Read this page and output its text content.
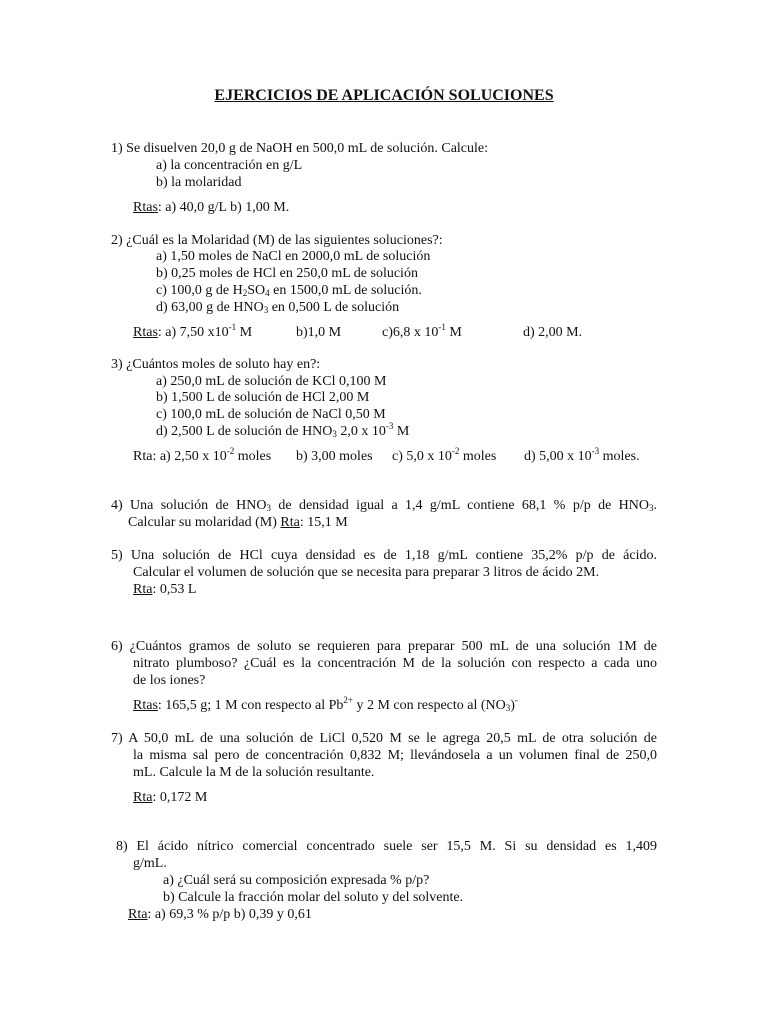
EJERCICIOS DE APLICACIÓN SOLUCIONES
1) Se disuelven 20,0 g de NaOH en 500,0 mL de solución. Calcule:
a) la concentración en g/L
b) la molaridad
Rtas: a) 40,0 g/L b) 1,00 M.
2) ¿Cuál es la Molaridad (M) de las siguientes soluciones?:
a) 1,50 moles de NaCl en 2000,0 mL de solución
b) 0,25 moles de HCl en 250,0 mL de solución
c) 100,0 g de $H_2SO_4$ en 1500,0 mL de solución.
d) 63,00 g de $HNO_3$ en 0,500 L de solución
Rtas: a) 7,50 $x10^{-1}$ M	b)1,0 M	c)6,8 x $10^{-1}$ M	d) 2,00 M.
3) ¿Cuántos moles de soluto hay en?:
a) 250,0 mL de solución de KCl 0,100 M
b) 1,500 L de solución de HCl 2,00 M
c) 100,0 mL de solución de NaCl 0,50 M
d) 2,500 L de solución de $HNO_3$ 2,0 x $10^{-3}$ M
Rta: a) 2,50 x $10^{-2}$ moles b) 3,00 moles c) 5,0 x $10^{-2}$ moles d) 5,00 x $10^{-3}$ moles.
4) Una solución de $HNO_3$ de densidad igual a 1,4 g/mL contiene 68,1 % p/p de $HNO_3$.
Calcular su molaridad (M) Rta: 15,1 M
5) Una solución de HCl cuya densidad es de 1,18 g/mL contiene 35,2% p/p de ácido.
Calcular el volumen de solución que se necesita para preparar 3 litros de ácido 2M.
Rta: 0,53 L
6) ¿Cuántos gramos de soluto se requieren para preparar 500 mL de una solución 1M de
nitrato plumboso? ¿Cuál es la concentración M de la solución con respecto a cada uno
de los iones?
Rtas: 165,5 g; 1 M con respecto al $Pb^{2+}$ y 2 M con respecto al $(NO_3)^-$
7) A 50,0 mL de una solución de LiCl 0,520 M se le agrega 20,5 mL de otra solución de
la misma sal pero de concentración 0,832 M; llevándosela a un volumen final de 250,0
mL. Calcule la M de la solución resultante.
Rta: 0,172 M
8) El ácido nítrico comercial concentrado suele ser 15,5 M. Si su densidad es 1,409
g/mL.
a) ¿Cuál será su composición expresada % p/p?
b) Calcule la fracción molar del soluto y del solvente.
Rta: a) 69,3 % p/p b) 0,39 y 0,61
